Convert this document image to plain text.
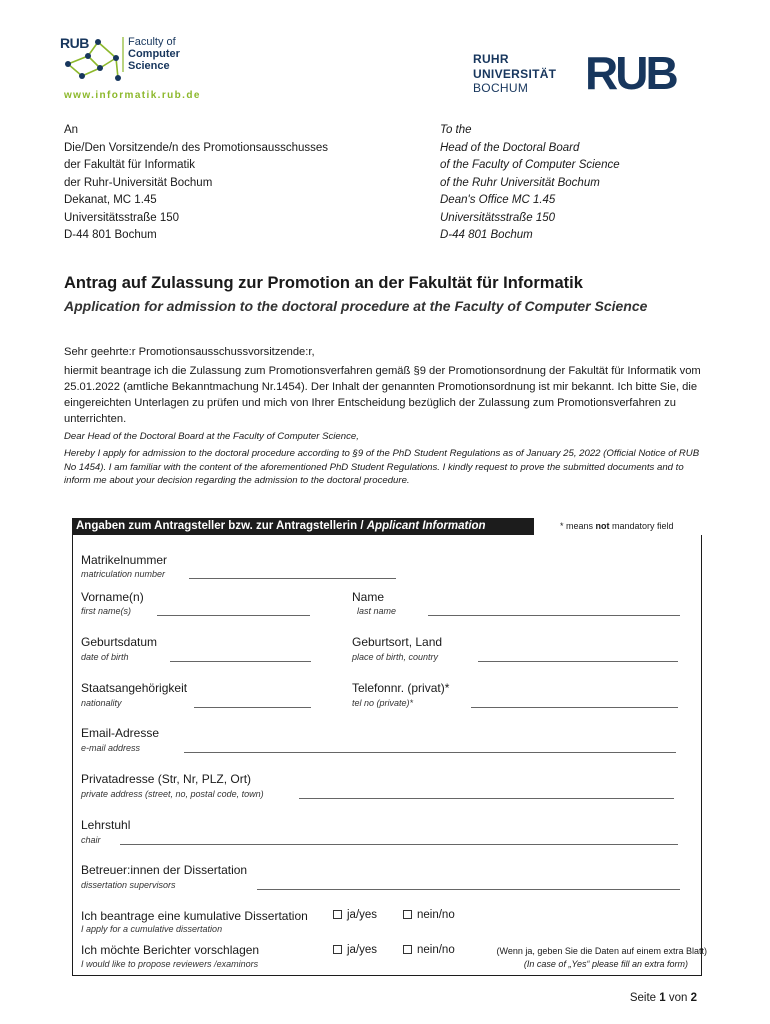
RUB	Faculty of
Computer
Science
www.informatik.rub.de
RUHR
UNIVERSITÄT
BOCHUM	RUB
An
Die/Den Vorsitzende/n des Promotionsausschusses
der Fakultät für Informatik
der Ruhr-Universität Bochum
Dekanat, MC 1.45
Universitätsstraße 150
D-44 801 Bochum
To the
Head of the Doctoral Board
of the Faculty of Computer Science
of the Ruhr Universität Bochum
Dean's Office MC 1.45
Universitätsstraße 150
D-44 801 Bochum
Antrag auf Zulassung zur Promotion an der Fakultät für Informatik
Application for admission to the doctoral procedure at the Faculty of Computer Science
Sehr geehrte:r Promotionsausschussvorsitzende:r,
hiermit beantrage ich die Zulassung zum Promotionsverfahren gemäß §9 der Promotionsordnung der Fakultät für Informatik vom 25.01.2022 (amtliche Bekanntmachung Nr.1454). Der Inhalt der genannten Promotionsordnung ist mir bekannt. Ich bitte Sie, die eingereichten Unterlagen zu prüfen und mich von Ihrer Entscheidung bezüglich der Zulassung zum Promotionsverfahren zu unterrichten.
Dear Head of the Doctoral Board at the Faculty of Computer Science,
Hereby I apply for admission to the doctoral procedure according to §9 of the PhD Student Regulations as of January 25, 2022 (Official Notice of RUB No 1454). I am familiar with the content of the aforementioned PhD Student Regulations. I kindly request to prove the submitted documents and to inform me about your decision regarding the admission to the doctoral procedure.
Angaben zum Antragsteller bzw. zur Antragstellerin / Applicant Information	* means not mandatory field
Matrikelnummer
matriculation number
Vorname(n)
first name(s)
Name
last name
Geburtsdatum
date of birth
Geburtsort, Land
place of birth, country
Staatsangehörigkeit
nationality
Telefonnr. (privat)*
tel no (private)*
Email-Adresse
e-mail address
Privatadresse (Str, Nr, PLZ, Ort)
private address (street, no, postal code, town)
Lehrstuhl
chair
Betreuer:innen der Dissertation
dissertation supervisors
Ich beantrage eine kumulative Dissertation
I apply for a cumulative dissertation
ja/yes	nein/no
Ich möchte Berichter vorschlagen
I would like to propose reviewers /examinors
ja/yes	nein/no	(Wenn ja, geben Sie die Daten auf einem extra Blatt)
(In case of „Yes“ please fill an extra form)
Seite 1 von 2
